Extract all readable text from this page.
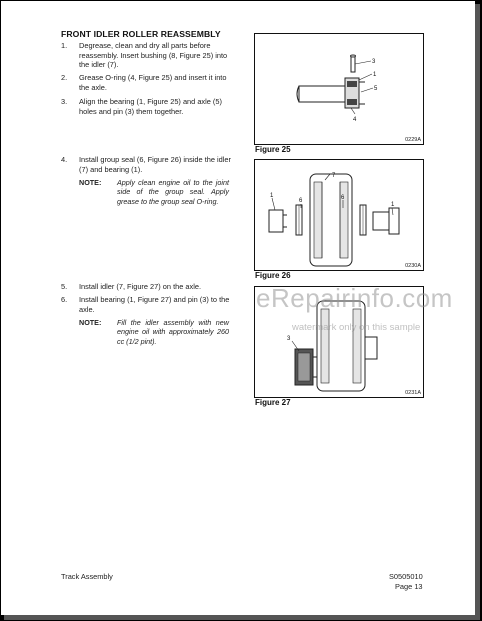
FRONT IDLER ROLLER REASSEMBLY
1. Degrease, clean and dry all parts before reassembly. Insert bushing (8, Figure 25) into the idler (7).
2. Grease O-ring (4, Figure 25) and insert it into the axle.
3. Align the bearing (1, Figure 25) and axle (5) holes and pin (3) them together.
4. Install group seal (6, Figure 26) inside the idler (7) and bearing (1).
NOTE: Apply clean engine oil to the joint side of the group seal. Apply grease to the group seal O-ring.
5. Install idler (7, Figure 27) on the axle.
6. Install bearing (1, Figure 27) and pin (3) to the axle.
NOTE: Fill the idler assembly with new engine oil with approximately 260 cc (1/2 pint).
3
1
5
4
0229A
Figure 25
7
1
6	6
1
0230A
Figure 26
3
0231A
Figure 27
eRepairinfo.com
watermark only on this sample
Track Assembly	S0505010
Page 13
